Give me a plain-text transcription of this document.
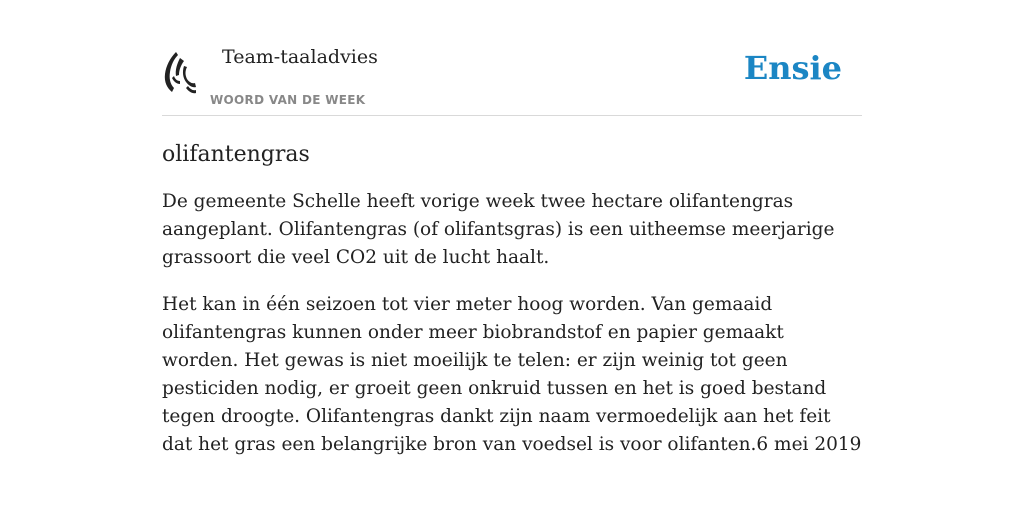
Team-taaladvies
WOORD VAN DE WEEK
Ensie
olifantengras

De gemeente Schelle heeft vorige week twee hectare olifantengras aangeplant. Olifantengras (of olifantsgras) is een uitheemse meerjarige grassoort die veel CO2 uit de lucht haalt.

Het kan in één seizoen tot vier meter hoog worden. Van gemaaid olifantengras kunnen onder meer biobrandstof en papier gemaakt worden. Het gewas is niet moeilijk te telen: er zijn weinig tot geen pesticiden nodig, er groeit geen onkruid tussen en het is goed bestand tegen droogte. Olifantengras dankt zijn naam vermoedelijk aan het feit dat het gras een belangrijke bron van voedsel is voor olifanten.6 mei 2019
